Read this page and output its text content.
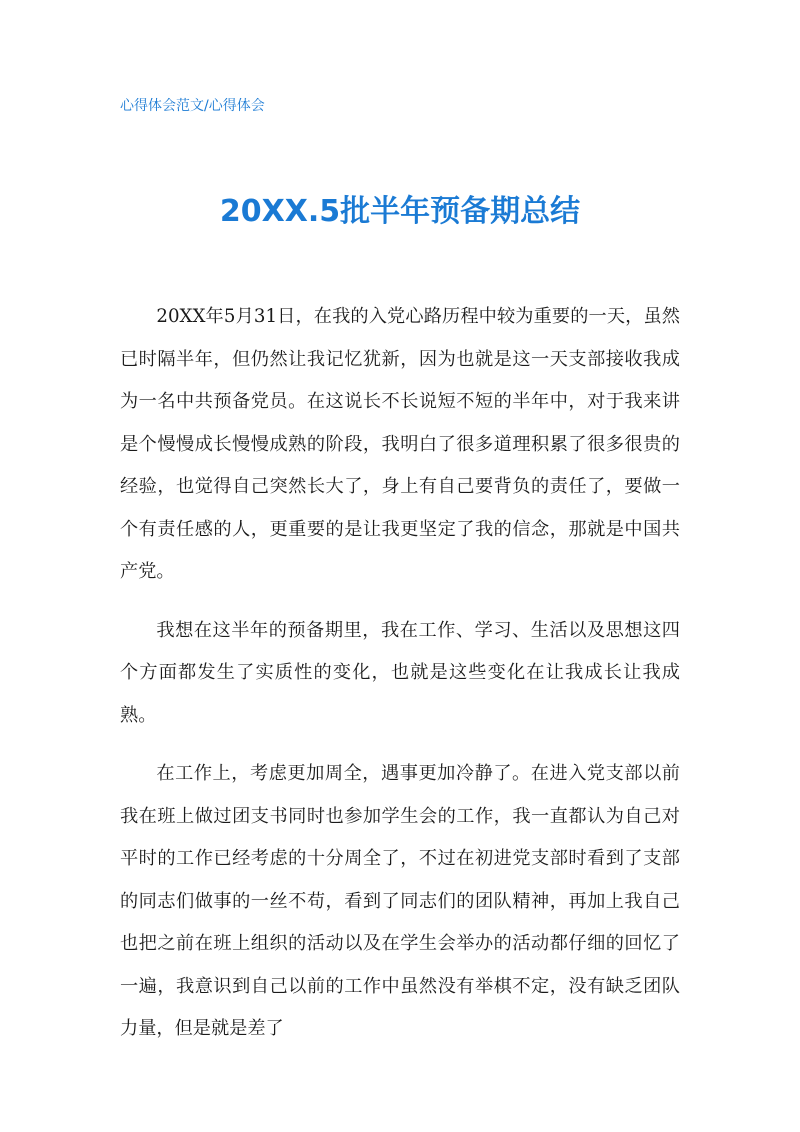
心得体会范文/心得体会
20XX.5批半年预备期总结

20XX年5月31日，在我的入党心路历程中较为重要的一天，虽然已时隔半年，但仍然让我记忆犹新，因为也就是这一天支部接收我成为一名中共预备党员。在这说长不长说短不短的半年中，对于我来讲是个慢慢成长慢慢成熟的阶段，我明白了很多道理积累了很多很贵的经验，也觉得自己突然长大了，身上有自己要背负的责任了，要做一个有责任感的人，更重要的是让我更坚定了我的信念，那就是中国共产党。

我想在这半年的预备期里，我在工作、学习、生活以及思想这四个方面都发生了实质性的变化，也就是这些变化在让我成长让我成熟。

在工作上，考虑更加周全，遇事更加冷静了。在进入党支部以前我在班上做过团支书同时也参加学生会的工作，我一直都认为自己对平时的工作已经考虑的十分周全了，不过在初进党支部时看到了支部的同志们做事的一丝不苟，看到了同志们的团队精神，再加上我自己也把之前在班上组织的活动以及在学生会举办的活动都仔细的回忆了一遍，我意识到自己以前的工作中虽然没有举棋不定，没有缺乏团队力量，但是就是差了
